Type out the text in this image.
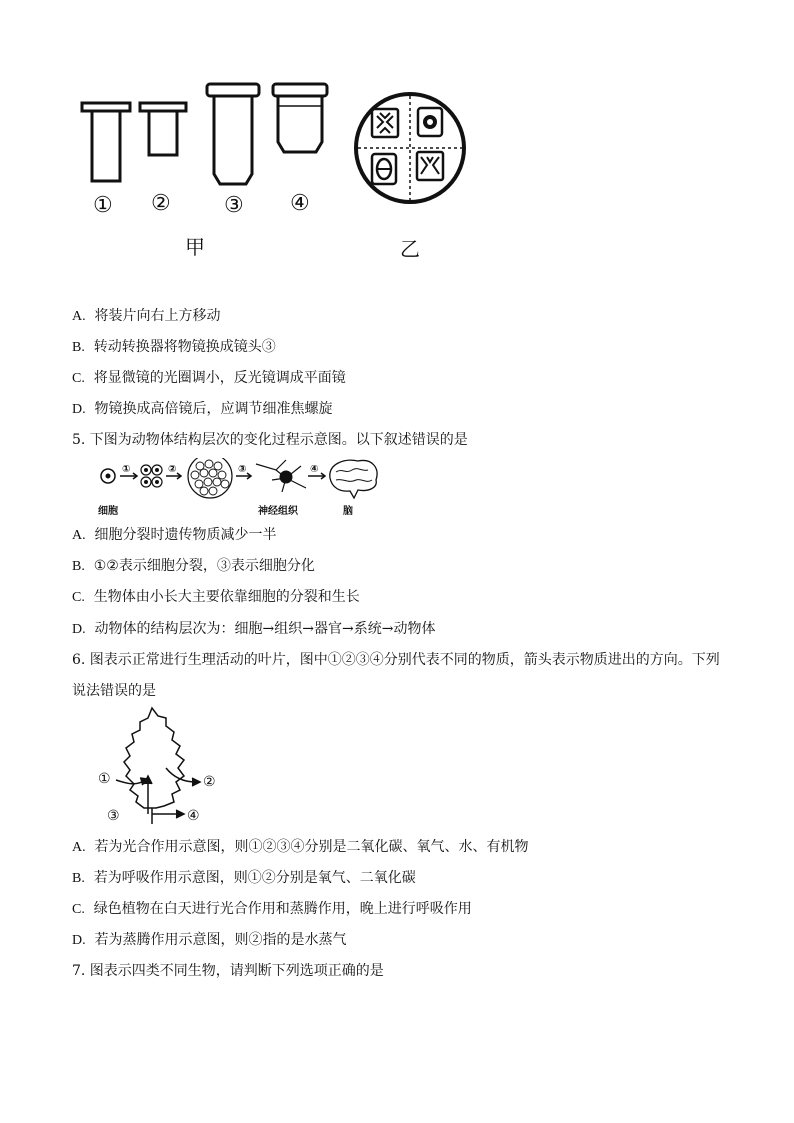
① ② ③ ④
甲	乙
A. 将装片向右上方移动
B. 转动转换器将物镜换成镜头③
C. 将显微镜的光圈调小，反光镜调成平面镜
D. 物镜换成高倍镜后，应调节细准焦螺旋
5. 下图为动物体结构层次的变化过程示意图。以下叙述错误的是
①	②	③	④
细胞	神经组织	脑
A. 细胞分裂时遗传物质减少一半
B. ①②表示细胞分裂，③表示细胞分化
C. 生物体由小长大主要依靠细胞的分裂和生长
D. 动物体的结构层次为：细胞→组织→器官→系统→动物体
6. 图表示正常进行生理活动的叶片，图中①②③④分别代表不同的物质，箭头表示物质进出的方向。下列
说法错误的是
①	②
③	④
A. 若为光合作用示意图，则①②③④分别是二氧化碳、氧气、水、有机物
B. 若为呼吸作用示意图，则①②分别是氧气、二氧化碳
C. 绿色植物在白天进行光合作用和蒸腾作用，晚上进行呼吸作用
D. 若为蒸腾作用示意图，则②指的是水蒸气
7. 图表示四类不同生物，请判断下列选项正确的是
